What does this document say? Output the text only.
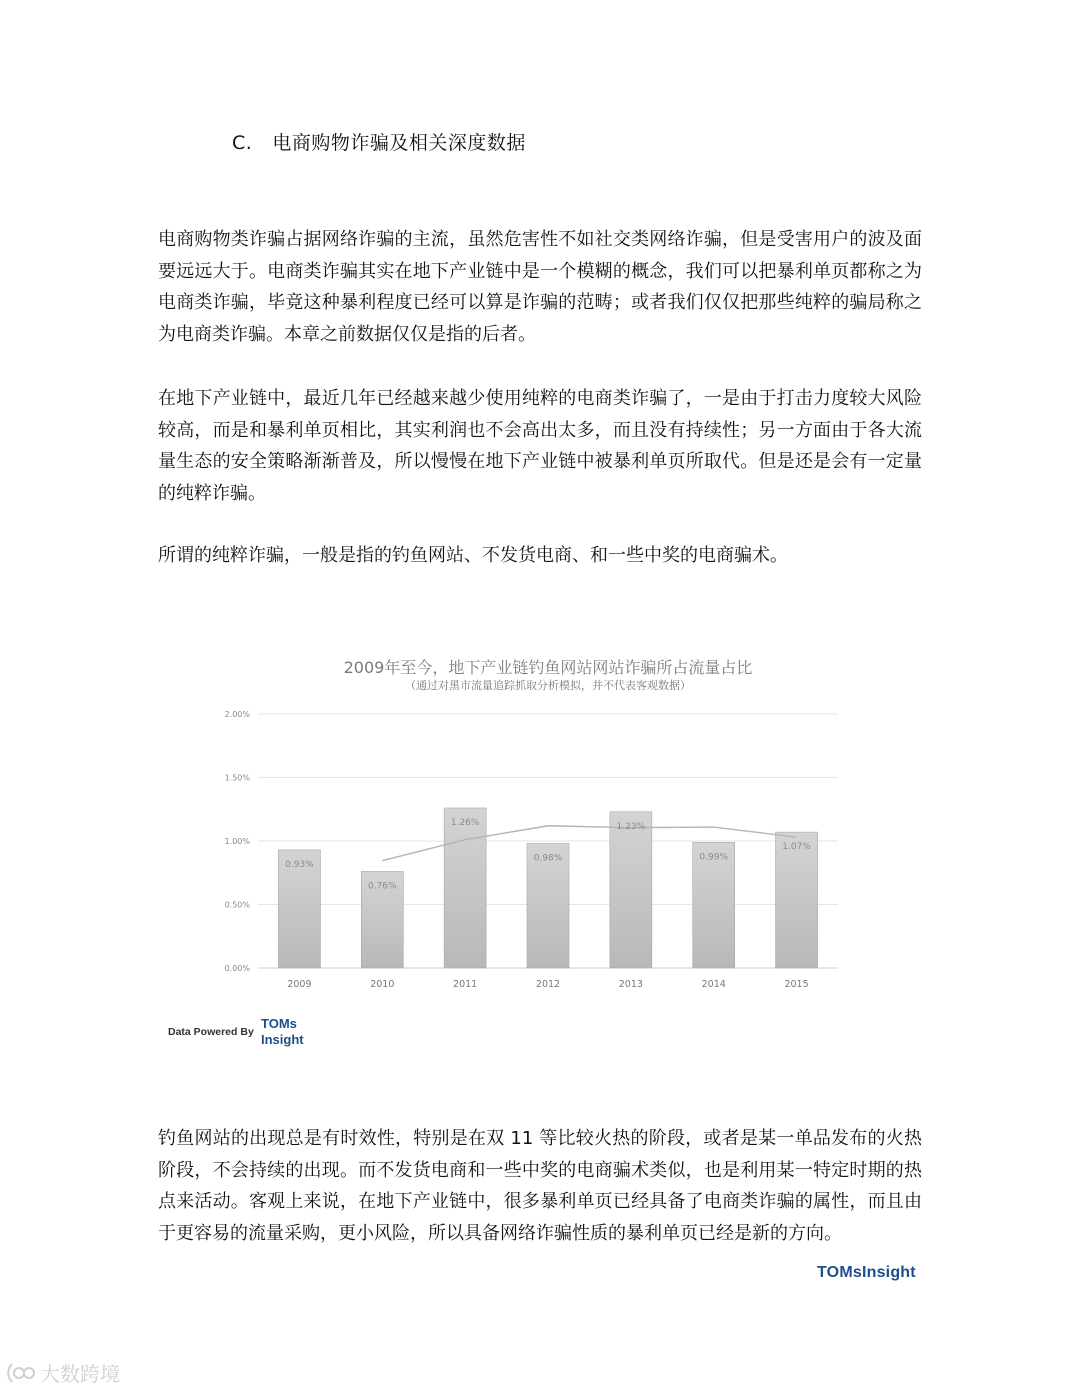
C. 电商购物诈骗及相关深度数据

电商购物类诈骗占据网络诈骗的主流，虽然危害性不如社交类网络诈骗，但是受害用户的波及面要远远大于。电商类诈骗其实在地下产业链中是一个模糊的概念，我们可以把暴利单页都称之为电商类诈骗，毕竟这种暴利程度已经可以算是诈骗的范畴；或者我们仅仅把那些纯粹的骗局称之为电商类诈骗。本章之前数据仅仅是指的后者。

在地下产业链中，最近几年已经越来越少使用纯粹的电商类诈骗了，一是由于打击力度较大风险较高，而是和暴利单页相比，其实利润也不会高出太多，而且没有持续性；另一方面由于各大流量生态的安全策略渐渐普及，所以慢慢在地下产业链中被暴利单页所取代。但是还是会有一定量的纯粹诈骗。

所谓的纯粹诈骗，一般是指的钓鱼网站、不发货电商、和一些中奖的电商骗术。

2009年至今，地下产业链钓鱼网站网站诈骗所占流量占比
（通过对黑市流量追踪抓取分析模拟，并不代表客观数据）
0.00%
0.50%
1.00%
1.50%
2.00%
0.93%
0.76%
1.26%
0.98%
1.23%
0.99%
1.07%
2009	2010	2011	2012	2013	2014	2015
Data Powered By
TOMs
Insight

钓鱼网站的出现总是有时效性，特别是在双 11 等比较火热的阶段，或者是某一单品发布的火热阶段，不会持续的出现。而不发货电商和一些中奖的电商骗术类似，也是利用某一特定时期的热点来活动。客观上来说，在地下产业链中，很多暴利单页已经具备了电商类诈骗的属性，而且由于更容易的流量采购，更小风险，所以具备网络诈骗性质的暴利单页已经是新的方向。

TOMsInsight
大数跨境
